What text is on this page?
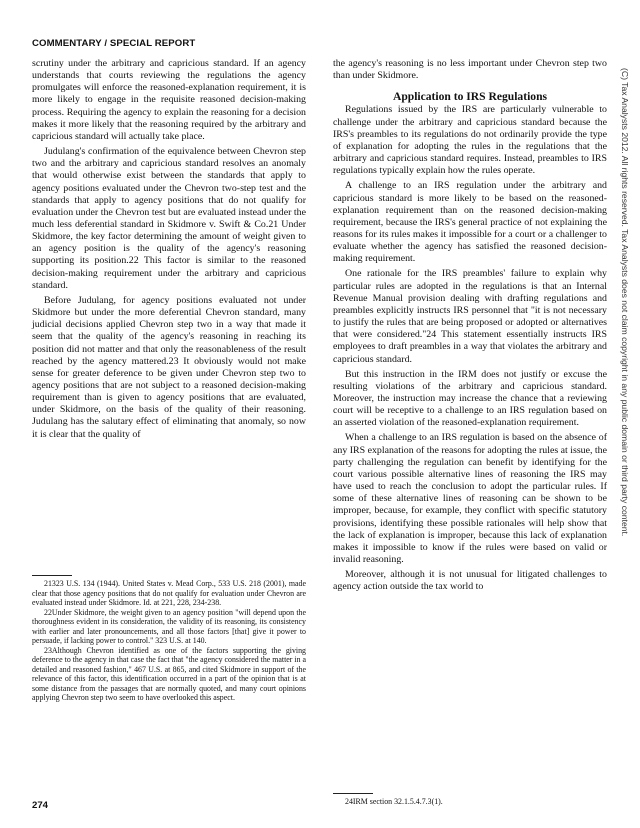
COMMENTARY / SPECIAL REPORT

scrutiny under the arbitrary and capricious standard. If an agency understands that courts reviewing the regulations the agency promulgates will enforce the reasoned-explanation requirement, it is more likely to engage in the requisite reasoned decision-making process. Requiring the agency to explain the reasoning for a decision makes it more likely that the reasoning required by the arbitrary and capricious standard will actually take place.

Judulang's confirmation of the equivalence between Chevron step two and the arbitrary and capricious standard resolves an anomaly that would otherwise exist between the standards that apply to agency positions evaluated under the Chevron two-step test and the standards that apply to agency positions that do not qualify for evaluation under the Chevron test but are evaluated instead under the much less deferential standard in Skidmore v. Swift & Co.21 Under Skidmore, the key factor determining the amount of weight given to an agency position is the quality of the agency's reasoning supporting its position.22 This factor is similar to the reasoned decision-making requirement under the arbitrary and capricious standard.

Before Judulang, for agency positions evaluated not under Skidmore but under the more deferential Chevron standard, many judicial decisions applied Chevron step two in a way that made it seem that the quality of the agency's reasoning in reaching its position did not matter and that only the reasonableness of the result reached by the agency mattered.23 It obviously would not make sense for greater deference to be given under Chevron step two to agency positions that are not subject to a reasoned decision-making requirement than is given to agency positions that are evaluated, under Skidmore, on the basis of the quality of their reasoning. Judulang has the salutary effect of eliminating that anomaly, so now it is clear that the quality of

21323 U.S. 134 (1944). United States v. Mead Corp., 533 U.S. 218 (2001), made clear that those agency positions that do not qualify for evaluation under Chevron are evaluated instead under Skidmore. Id. at 221, 228, 234-238.

22Under Skidmore, the weight given to an agency position "will depend upon the thoroughness evident in its consideration, the validity of its reasoning, its consistency with earlier and later pronouncements, and all those factors [that] give it power to persuade, if lacking power to control." 323 U.S. at 140.

23Although Chevron identified as one of the factors supporting the giving deference to the agency in that case the fact that "the agency considered the matter in a detailed and reasoned fashion," 467 U.S. at 865, and cited Skidmore in support of the relevance of this factor, this identification occurred in a part of the opinion that is at some distance from the passages that are normally quoted, and many court opinions applying Chevron step two seem to have overlooked this aspect.

the agency's reasoning is no less important under Chevron step two than under Skidmore.

Application to IRS Regulations

Regulations issued by the IRS are particularly vulnerable to challenge under the arbitrary and capricious standard because the IRS's preambles to its regulations do not ordinarily provide the type of explanation for adopting the rules in the regulations that the arbitrary and capricious standard requires. Instead, preambles to IRS regulations typically explain how the rules operate.

A challenge to an IRS regulation under the arbitrary and capricious standard is more likely to be based on the reasoned-explanation requirement than on the reasoned decision-making requirement, because the IRS's general practice of not explaining the reasons for its rules makes it impossible for a court or a challenger to evaluate whether the agency has satisfied the reasoned decision-making requirement.

One rationale for the IRS preambles' failure to explain why particular rules are adopted in the regulations is that an Internal Revenue Manual provision dealing with drafting regulations and preambles explicitly instructs IRS personnel that "it is not necessary to justify the rules that are being proposed or adopted or alternatives that were considered."24 This statement essentially instructs IRS employees to draft preambles in a way that violates the arbitrary and capricious standard.

But this instruction in the IRM does not justify or excuse the resulting violations of the arbitrary and capricious standard. Moreover, the instruction may increase the chance that a reviewing court will be receptive to a challenge to an IRS regulation based on an asserted violation of the reasoned-explanation requirement.

When a challenge to an IRS regulation is based on the absence of any IRS explanation of the reasons for adopting the rules at issue, the party challenging the regulation can benefit by identifying for the court various possible alternative lines of reasoning the IRS may have used to reach the conclusion to adopt the particular rules. If some of these alternative lines of reasoning can be shown to be improper, because, for example, they conflict with specific statutory provisions, identifying these possible rationales will help show that the lack of explanation is improper, because this lack of explanation makes it impossible to know if the rules were based on valid or invalid reasoning.

Moreover, although it is not unusual for litigated challenges to agency action outside the tax world to

24IRM section 32.1.5.4.7.3(1).

274
(C) Tax Analysts 2012. All rights reserved. Tax Analysts does not claim copyright in any public domain or third party content.
